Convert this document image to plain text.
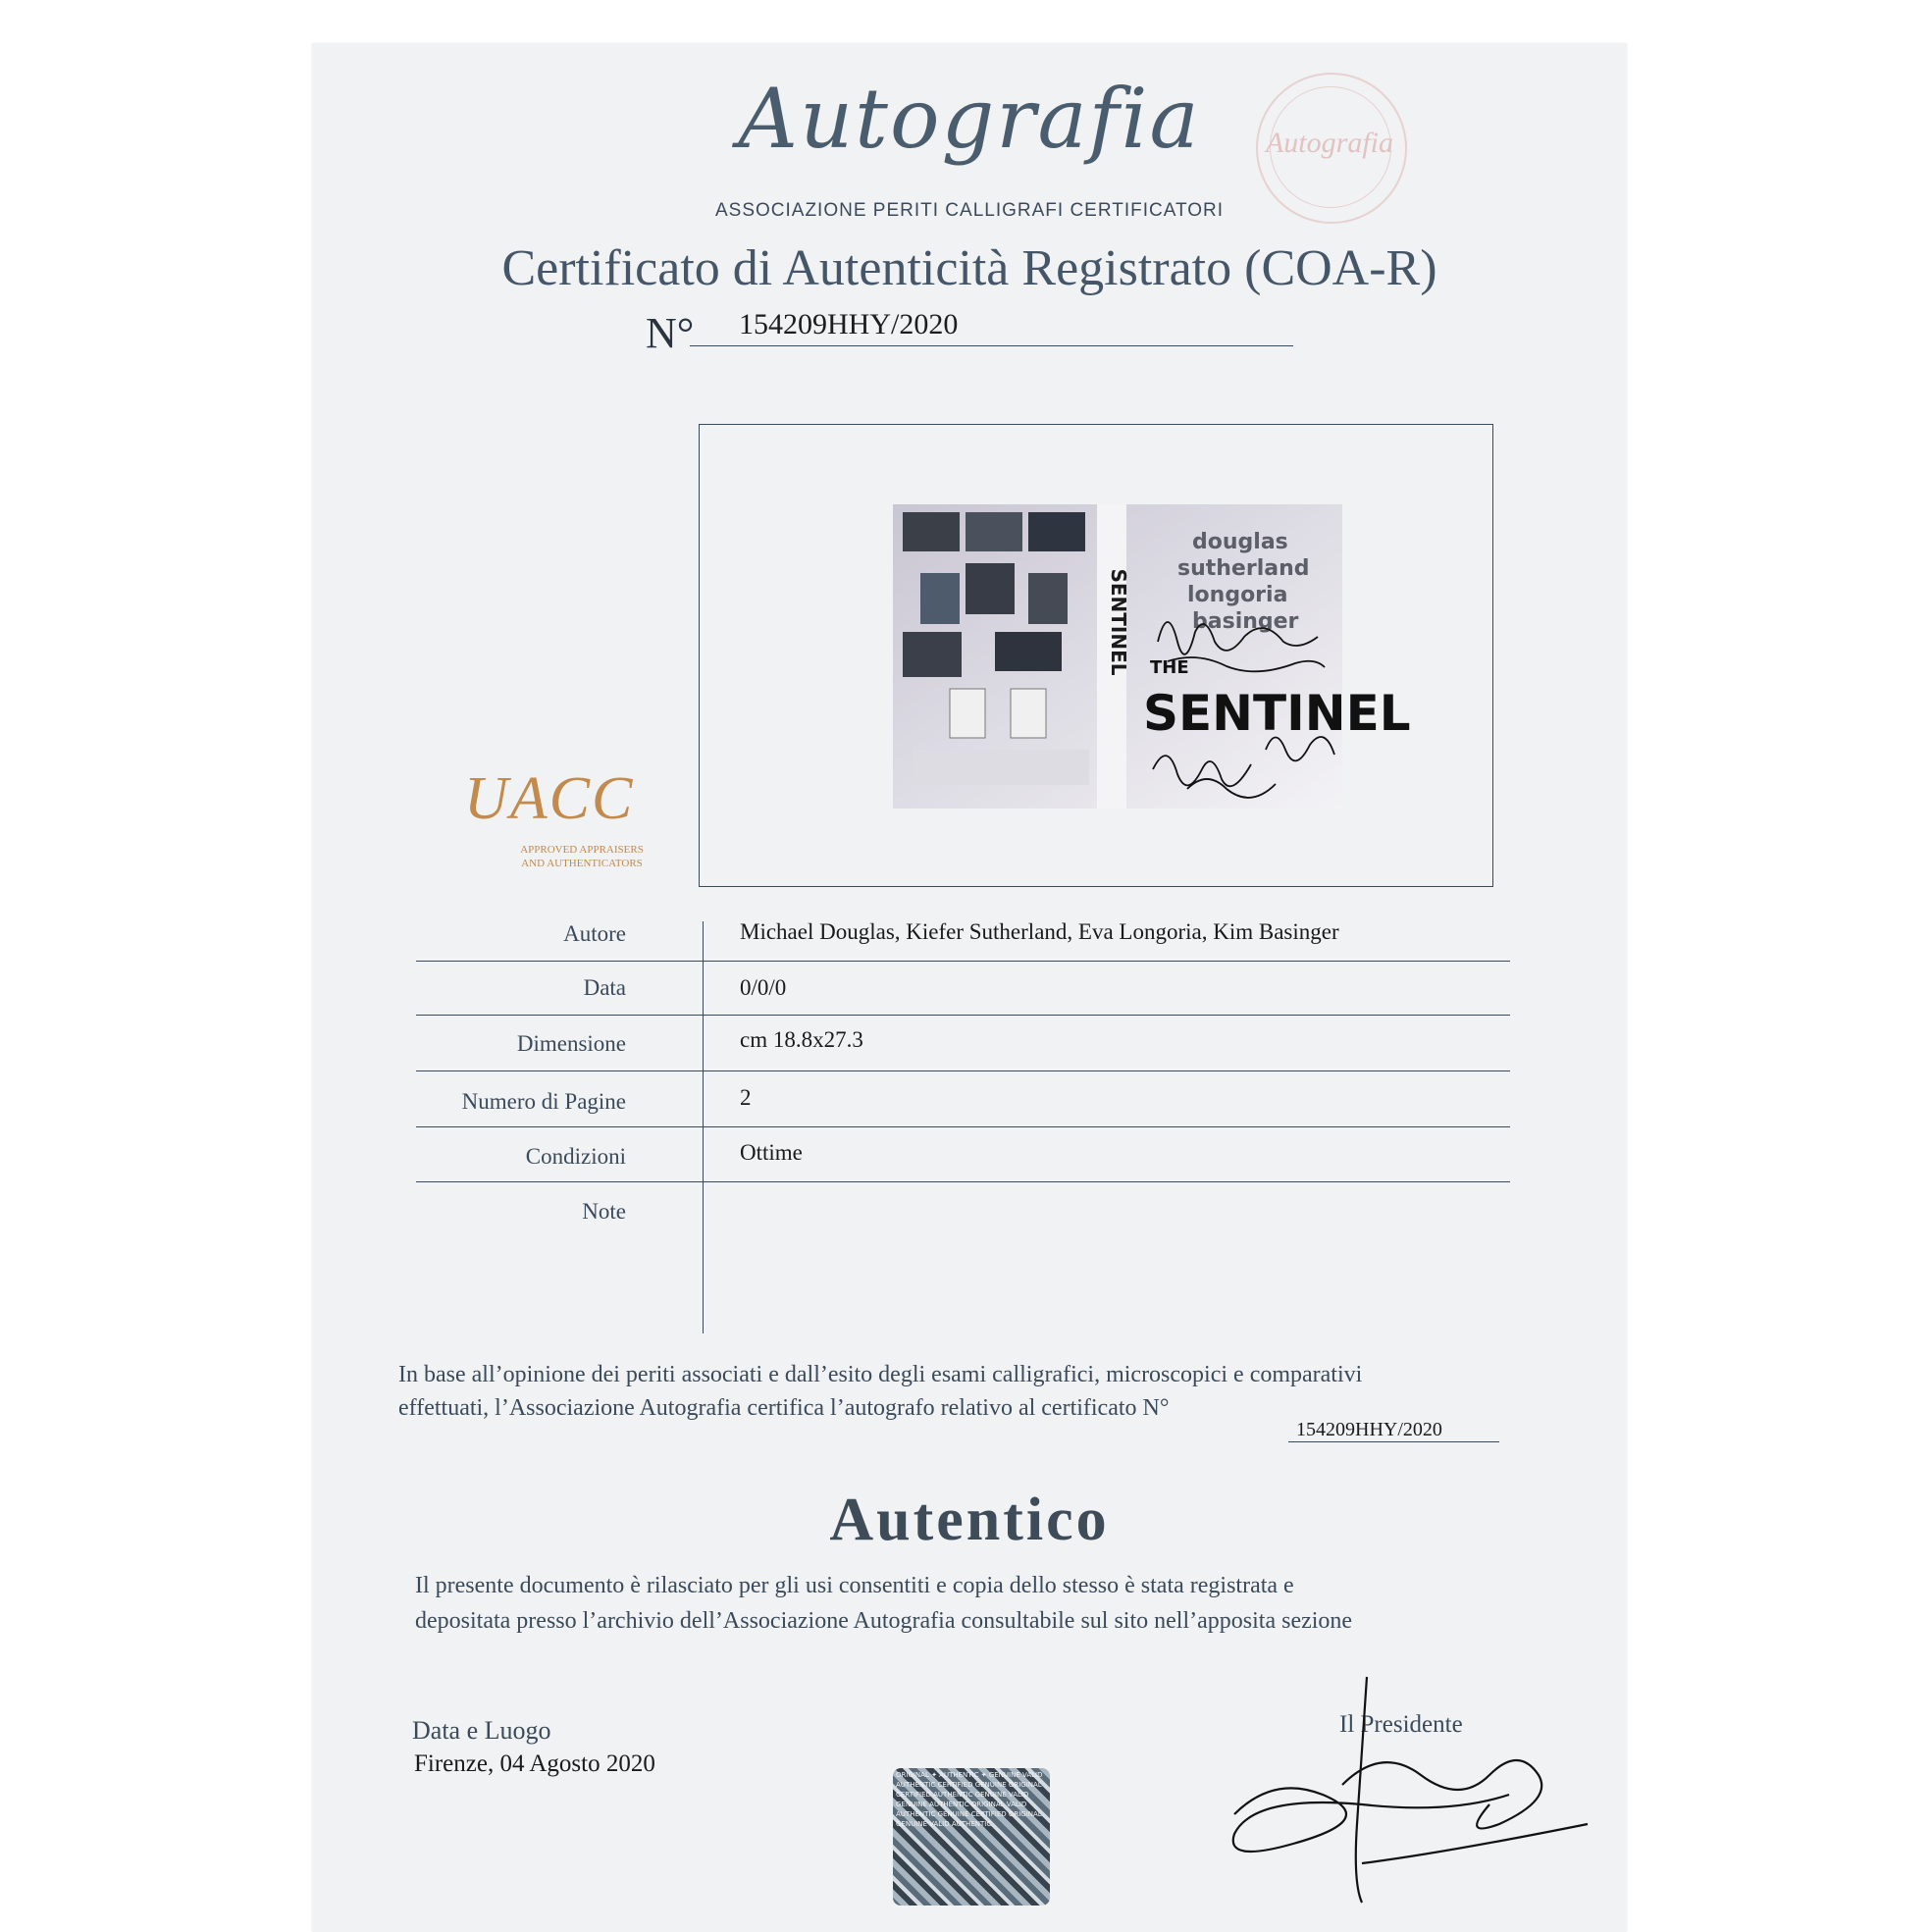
Autografia
ASSOCIAZIONE PERITI CALLIGRAFI CERTIFICATORI
Certificato di Autenticità Registrato (COA-R)
N° 154209HHY/2020
Autografia
SENTINEL
douglas
sutherland
longoria
basinger
SENTINEL
THE
UACC
APPROVED APPRAISERS
AND AUTHENTICATORS
Autore	Michael Douglas, Kiefer Sutherland, Eva Longoria, Kim Basinger
Data	0/0/0
Dimensione	cm 18.8x27.3
Numero di Pagine	2
Condizioni	Ottime
Note
In base all’opinione dei periti associati e dall’esito degli esami calligrafici, microscopici e comparativi
effettuati, l’Associazione Autografia certifica l’autografo relativo al certificato N°
154209HHY/2020
Autentico
Il presente documento è rilasciato per gli usi consentiti e copia dello stesso è stata registrata e
depositata presso l’archivio dell’Associazione Autografia consultabile sul sito nell’apposita sezione
Data e Luogo
Firenze, 04 Agosto 2020
Il Presidente
ORIGINAL ✦ AUTHENTIC ✦ GENUINE VALID AUTHENTIC CERTIFIED GENUINE ORIGINAL CERTIFIED AUTHENTIC GENUINE VALID GENUINE AUTHENTIC ORIGINAL VALID AUTHENTIC GENUINE CERTIFIED ORIGINAL GENUINE VALID AUTHENTIC
